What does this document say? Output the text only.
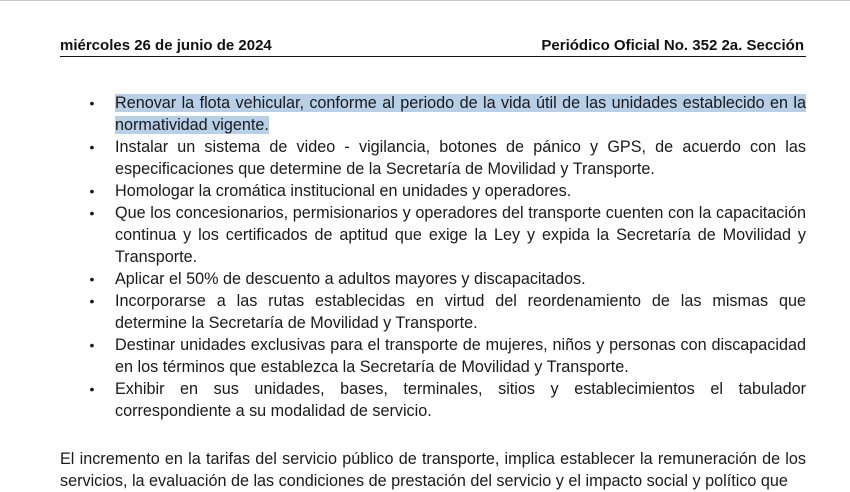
miércoles 26 de junio de 2024	Periódico Oficial No. 352 2a. Sección
• Renovar la flota vehicular, conforme al periodo de la vida útil de las unidades establecido en la normatividad vigente.
• Instalar un sistema de video - vigilancia, botones de pánico y GPS, de acuerdo con las especificaciones que determine de la Secretaría de Movilidad y Transporte.
• Homologar la cromática institucional en unidades y operadores.
• Que los concesionarios, permisionarios y operadores del transporte cuenten con la capacitación continua y los certificados de aptitud que exige la Ley y expida la Secretaría de Movilidad y Transporte.
• Aplicar el 50% de descuento a adultos mayores y discapacitados.
• Incorporarse a las rutas establecidas en virtud del reordenamiento de las mismas que determine la Secretaría de Movilidad y Transporte.
• Destinar unidades exclusivas para el transporte de mujeres, niños y personas con discapacidad en los términos que establezca la Secretaría de Movilidad y Transporte.
• Exhibir en sus unidades, bases, terminales, sitios y establecimientos el tabulador correspondiente a su modalidad de servicio.

El incremento en la tarifas del servicio público de transporte, implica establecer la remuneración de los servicios, la evaluación de las condiciones de prestación del servicio y el impacto social y político que
